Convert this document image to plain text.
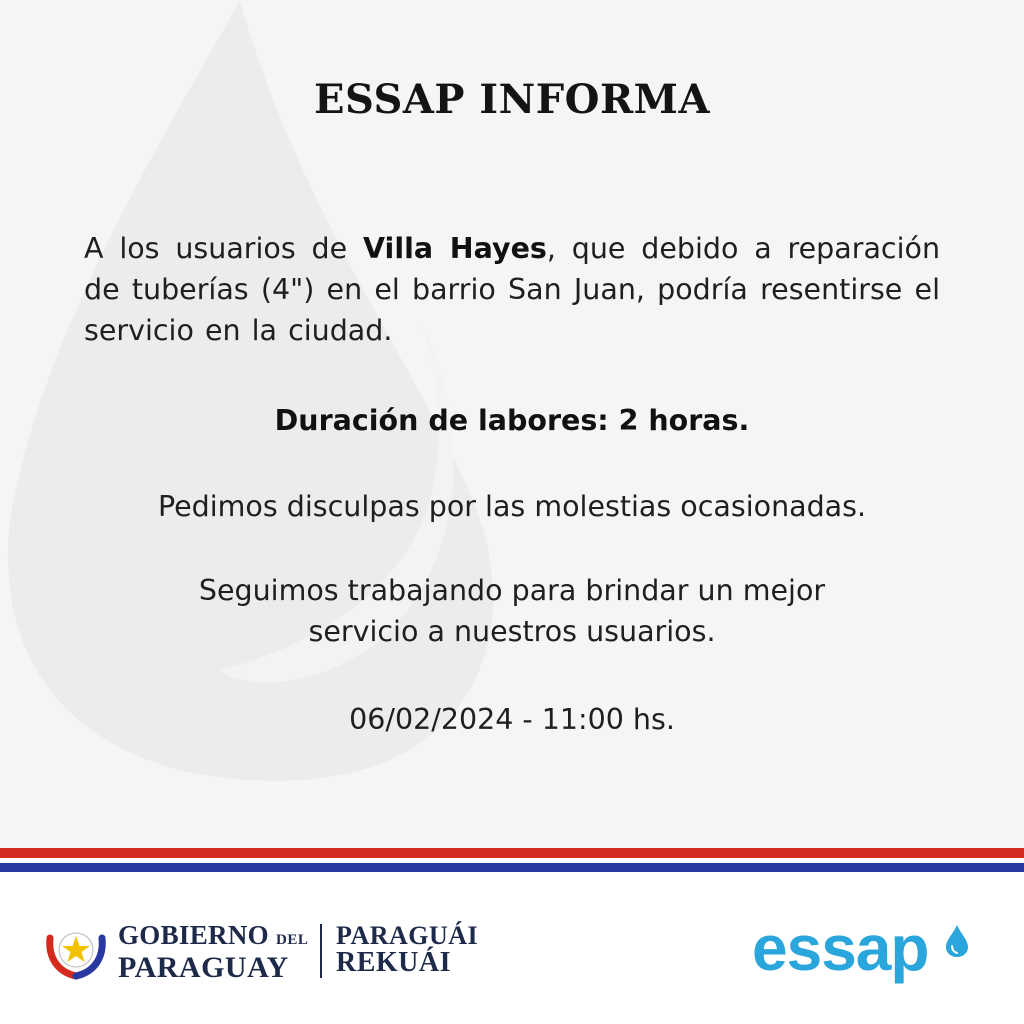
ESSAP INFORMA
A los usuarios de Villa Hayes, que debido a reparación de tuberías (4") en el barrio San Juan, podría resentirse el servicio en la ciudad.
Duración de labores: 2 horas.
Pedimos disculpas por las molestias ocasionadas.
Seguimos trabajando para brindar un mejor
servicio a nuestros usuarios.
06/02/2024 - 11:00 hs.
GOBIERNO DEL
PARAGUAY
PARAGUÁI
REKUÁI	essap
